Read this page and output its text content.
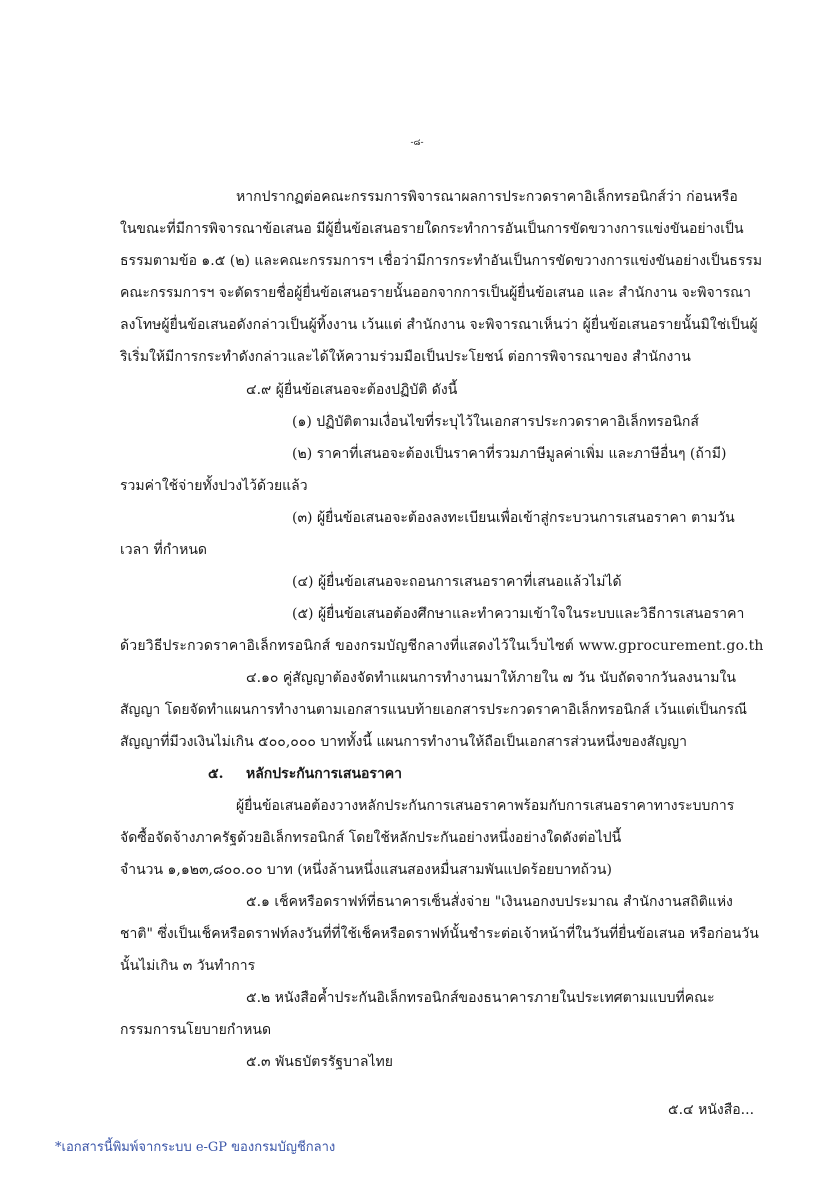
-๘-
หากปรากฏต่อคณะกรรมการพิจารณาผลการประกวดราคาอิเล็กทรอนิกส์ว่า ก่อนหรือ
ในขณะที่มีการพิจารณาข้อเสนอ มีผู้ยื่นข้อเสนอรายใดกระทำการอันเป็นการขัดขวางการแข่งขันอย่างเป็น
ธรรมตามข้อ ๑.๕ (๒) และคณะกรรมการฯ เชื่อว่ามีการกระทำอันเป็นการขัดขวางการแข่งขันอย่างเป็นธรรม
คณะกรรมการฯ จะตัดรายชื่อผู้ยื่นข้อเสนอรายนั้นออกจากการเป็นผู้ยื่นข้อเสนอ และ สำนักงาน จะพิจารณา
ลงโทษผู้ยื่นข้อเสนอดังกล่าวเป็นผู้ทิ้งงาน เว้นแต่ สำนักงาน จะพิจารณาเห็นว่า ผู้ยื่นข้อเสนอรายนั้นมิใช่เป็นผู้
ริเริ่มให้มีการกระทำดังกล่าวและได้ให้ความร่วมมือเป็นประโยชน์ ต่อการพิจารณาของ สำนักงาน
๔.๙ ผู้ยื่นข้อเสนอจะต้องปฏิบัติ ดังนี้
(๑) ปฏิบัติตามเงื่อนไขที่ระบุไว้ในเอกสารประกวดราคาอิเล็กทรอนิกส์
(๒) ราคาที่เสนอจะต้องเป็นราคาที่รวมภาษีมูลค่าเพิ่ม และภาษีอื่นๆ (ถ้ามี)
รวมค่าใช้จ่ายทั้งปวงไว้ด้วยแล้ว
(๓) ผู้ยื่นข้อเสนอจะต้องลงทะเบียนเพื่อเข้าสู่กระบวนการเสนอราคา ตามวัน
เวลา ที่กำหนด
(๔) ผู้ยื่นข้อเสนอจะถอนการเสนอราคาที่เสนอแล้วไม่ได้
(๕) ผู้ยื่นข้อเสนอต้องศึกษาและทำความเข้าใจในระบบและวิธีการเสนอราคา
ด้วยวิธีประกวดราคาอิเล็กทรอนิกส์ ของกรมบัญชีกลางที่แสดงไว้ในเว็บไซต์ www.gprocurement.go.th
๔.๑๐ คู่สัญญาต้องจัดทำแผนการทำงานมาให้ภายใน ๗ วัน นับถัดจากวันลงนามใน
สัญญา โดยจัดทำแผนการทำงานตามเอกสารแนบท้ายเอกสารประกวดราคาอิเล็กทรอนิกส์ เว้นแต่เป็นกรณี
สัญญาที่มีวงเงินไม่เกิน ๕๐๐,๐๐๐ บาททั้งนี้ แผนการทำงานให้ถือเป็นเอกสารส่วนหนึ่งของสัญญา
๕. หลักประกันการเสนอราคา
ผู้ยื่นข้อเสนอต้องวางหลักประกันการเสนอราคาพร้อมกับการเสนอราคาทางระบบการ
จัดซื้อจัดจ้างภาครัฐด้วยอิเล็กทรอนิกส์ โดยใช้หลักประกันอย่างหนึ่งอย่างใดดังต่อไปนี้
จำนวน ๑,๑๒๓,๘๐๐.๐๐ บาท (หนึ่งล้านหนึ่งแสนสองหมื่นสามพันแปดร้อยบาทถ้วน)
๕.๑ เช็คหรือดราฟท์ที่ธนาคารเซ็นสั่งจ่าย "เงินนอกงบประมาณ สำนักงานสถิติแห่ง
ชาติ" ซึ่งเป็นเช็คหรือดราฟท์ลงวันที่ที่ใช้เช็คหรือดราฟท์นั้นชำระต่อเจ้าหน้าที่ในวันที่ยื่นข้อเสนอ หรือก่อนวัน
นั้นไม่เกิน ๓ วันทำการ
๕.๒ หนังสือค้ำประกันอิเล็กทรอนิกส์ของธนาคารภายในประเทศตามแบบที่คณะ
กรรมการนโยบายกำหนด
๕.๓ พันธบัตรรัฐบาลไทย
๕.๔ หนังสือ...
*เอกสารนี้พิมพ์จากระบบ e-GP ของกรมบัญชีกลาง
